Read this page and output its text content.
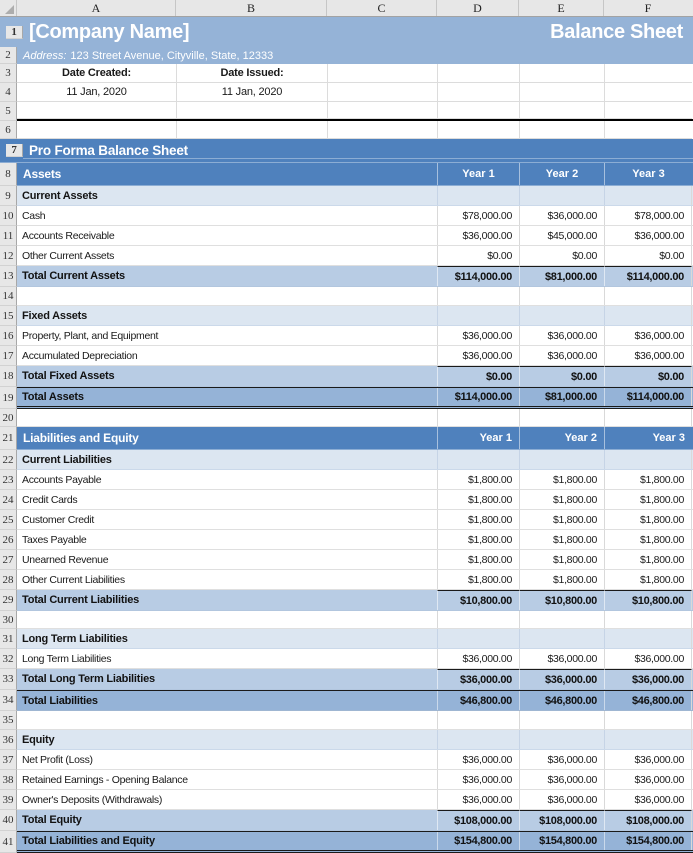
A	B	C	D	E	F
1 [Company Name]	Balance Sheet
2	Address: 123 Street Avenue, Cityville, State, 12333
3	Date Created:	Date Issued:
4	11 Jan, 2020	11 Jan, 2020
5
6
7 Pro Forma Balance Sheet
8	Assets	Year 1	Year 2	Year 3
9	Current Assets
10 Cash	$78,000.00	$36,000.00	$78,000.00
11 Accounts Receivable	$36,000.00	$45,000.00	$36,000.00
12 Other Current Assets	$0.00	$0.00	$0.00
13 Total Current Assets	$114,000.00	$81,000.00	$114,000.00
14
15 Fixed Assets
16 Property, Plant, and Equipment	$36,000.00	$36,000.00	$36,000.00
17 Accumulated Depreciation	$36,000.00	$36,000.00	$36,000.00
18 Total Fixed Assets	$0.00	$0.00	$0.00
19 Total Assets	$114,000.00	$81,000.00	$114,000.00
20
21 Liabilities and Equity	Year 1	Year 2	Year 3
22 Current Liabilities
23 Accounts Payable	$1,800.00	$1,800.00	$1,800.00
24 Credit Cards	$1,800.00	$1,800.00	$1,800.00
25 Customer Credit	$1,800.00	$1,800.00	$1,800.00
26 Taxes Payable	$1,800.00	$1,800.00	$1,800.00
27 Unearned Revenue	$1,800.00	$1,800.00	$1,800.00
28 Other Current Liabilities	$1,800.00	$1,800.00	$1,800.00
29 Total Current Liabilities	$10,800.00	$10,800.00	$10,800.00
30
31 Long Term Liabilities
32 Long Term Liabilities	$36,000.00	$36,000.00	$36,000.00
33 Total Long Term Liabilities	$36,000.00	$36,000.00	$36,000.00
34 Total Liabilities	$46,800.00	$46,800.00	$46,800.00
35
36 Equity
37 Net Profit (Loss)	$36,000.00	$36,000.00	$36,000.00
38 Retained Earnings - Opening Balance	$36,000.00	$36,000.00	$36,000.00
39 Owner's Deposits (Withdrawals)	$36,000.00	$36,000.00	$36,000.00
40 Total Equity	$108,000.00	$108,000.00	$108,000.00
41 Total Liabilities and Equity	$154,800.00	$154,800.00	$154,800.00
